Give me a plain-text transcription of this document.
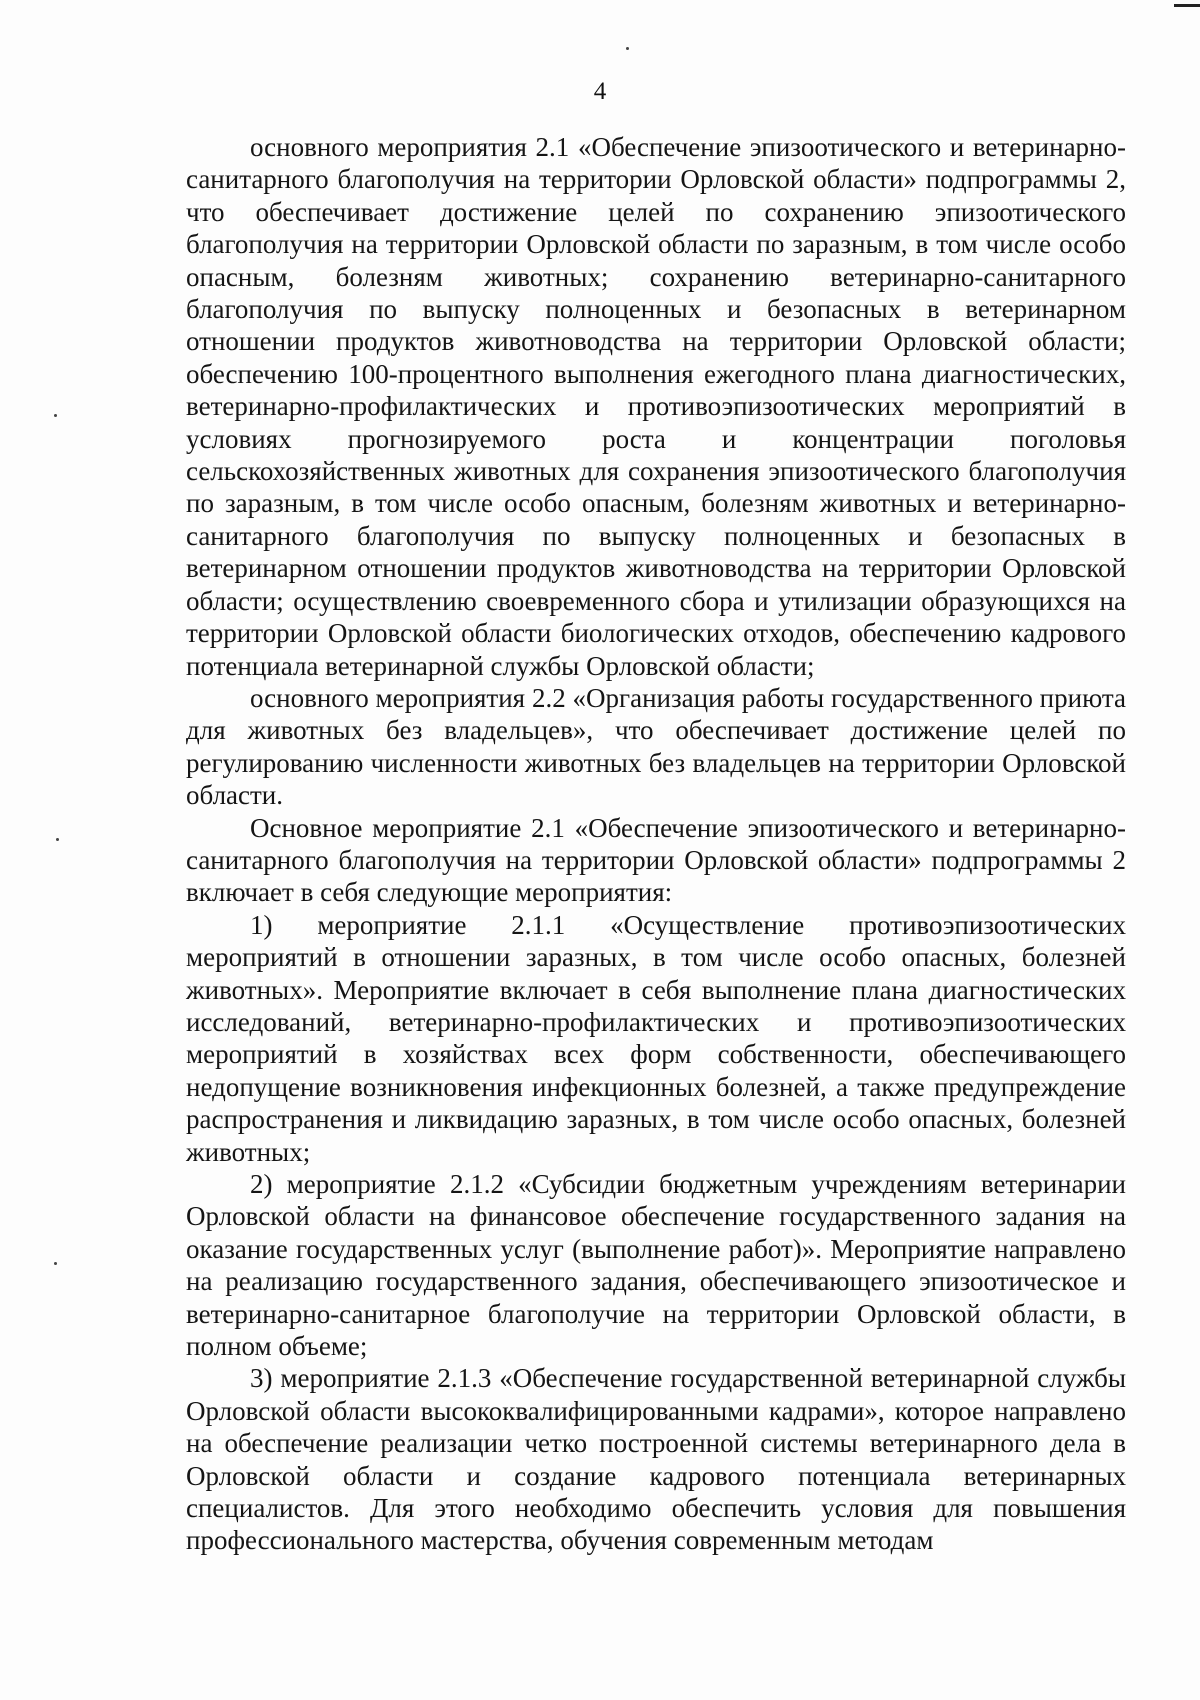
4

основного мероприятия 2.1 «Обеспечение эпизоотического и ветеринарно-санитарного благополучия на территории Орловской области» подпрограммы 2, что обеспечивает достижение целей по сохранению эпизоотического благополучия на территории Орловской области по заразным, в том числе особо опасным, болезням животных; сохранению ветеринарно-санитарного благополучия по выпуску полноценных и безопасных в ветеринарном отношении продуктов животноводства на территории Орловской области; обеспечению 100-процентного выполнения ежегодного плана диагностических, ветеринарно-профилактических и противоэпизоотических мероприятий в условиях прогнозируемого роста и концентрации поголовья сельскохозяйственных животных для сохранения эпизоотического благополучия по заразным, в том числе особо опасным, болезням животных и ветеринарно-санитарного благополучия по выпуску полноценных и безопасных в ветеринарном отношении продуктов животноводства на территории Орловской области; осуществлению своевременного сбора и утилизации образующихся на территории Орловской области биологических отходов, обеспечению кадрового потенциала ветеринарной службы Орловской области;

основного мероприятия 2.2 «Организация работы государственного приюта для животных без владельцев», что обеспечивает достижение целей по регулированию численности животных без владельцев на территории Орловской области.

Основное мероприятие 2.1 «Обеспечение эпизоотического и ветеринарно-санитарного благополучия на территории Орловской области» подпрограммы 2 включает в себя следующие мероприятия:

1) мероприятие 2.1.1 «Осуществление противоэпизоотических мероприятий в отношении заразных, в том числе особо опасных, болезней животных». Мероприятие включает в себя выполнение плана диагностических исследований, ветеринарно-профилактических и противоэпизоотических мероприятий в хозяйствах всех форм собственности, обеспечивающего недопущение возникновения инфекционных болезней, а также предупреждение распространения и ликвидацию заразных, в том числе особо опасных, болезней животных;

2) мероприятие 2.1.2 «Субсидии бюджетным учреждениям ветеринарии Орловской области на финансовое обеспечение государственного задания на оказание государственных услуг (выполнение работ)». Мероприятие направлено на реализацию государственного задания, обеспечивающего эпизоотическое и ветеринарно-санитарное благополучие на территории Орловской области, в полном объеме;

3) мероприятие 2.1.3 «Обеспечение государственной ветеринарной службы Орловской области высококвалифицированными кадрами», которое направлено на обеспечение реализации четко построенной системы ветеринарного дела в Орловской области и создание кадрового потенциала ветеринарных специалистов. Для этого необходимо обеспечить условия для повышения профессионального мастерства, обучения современным методам
